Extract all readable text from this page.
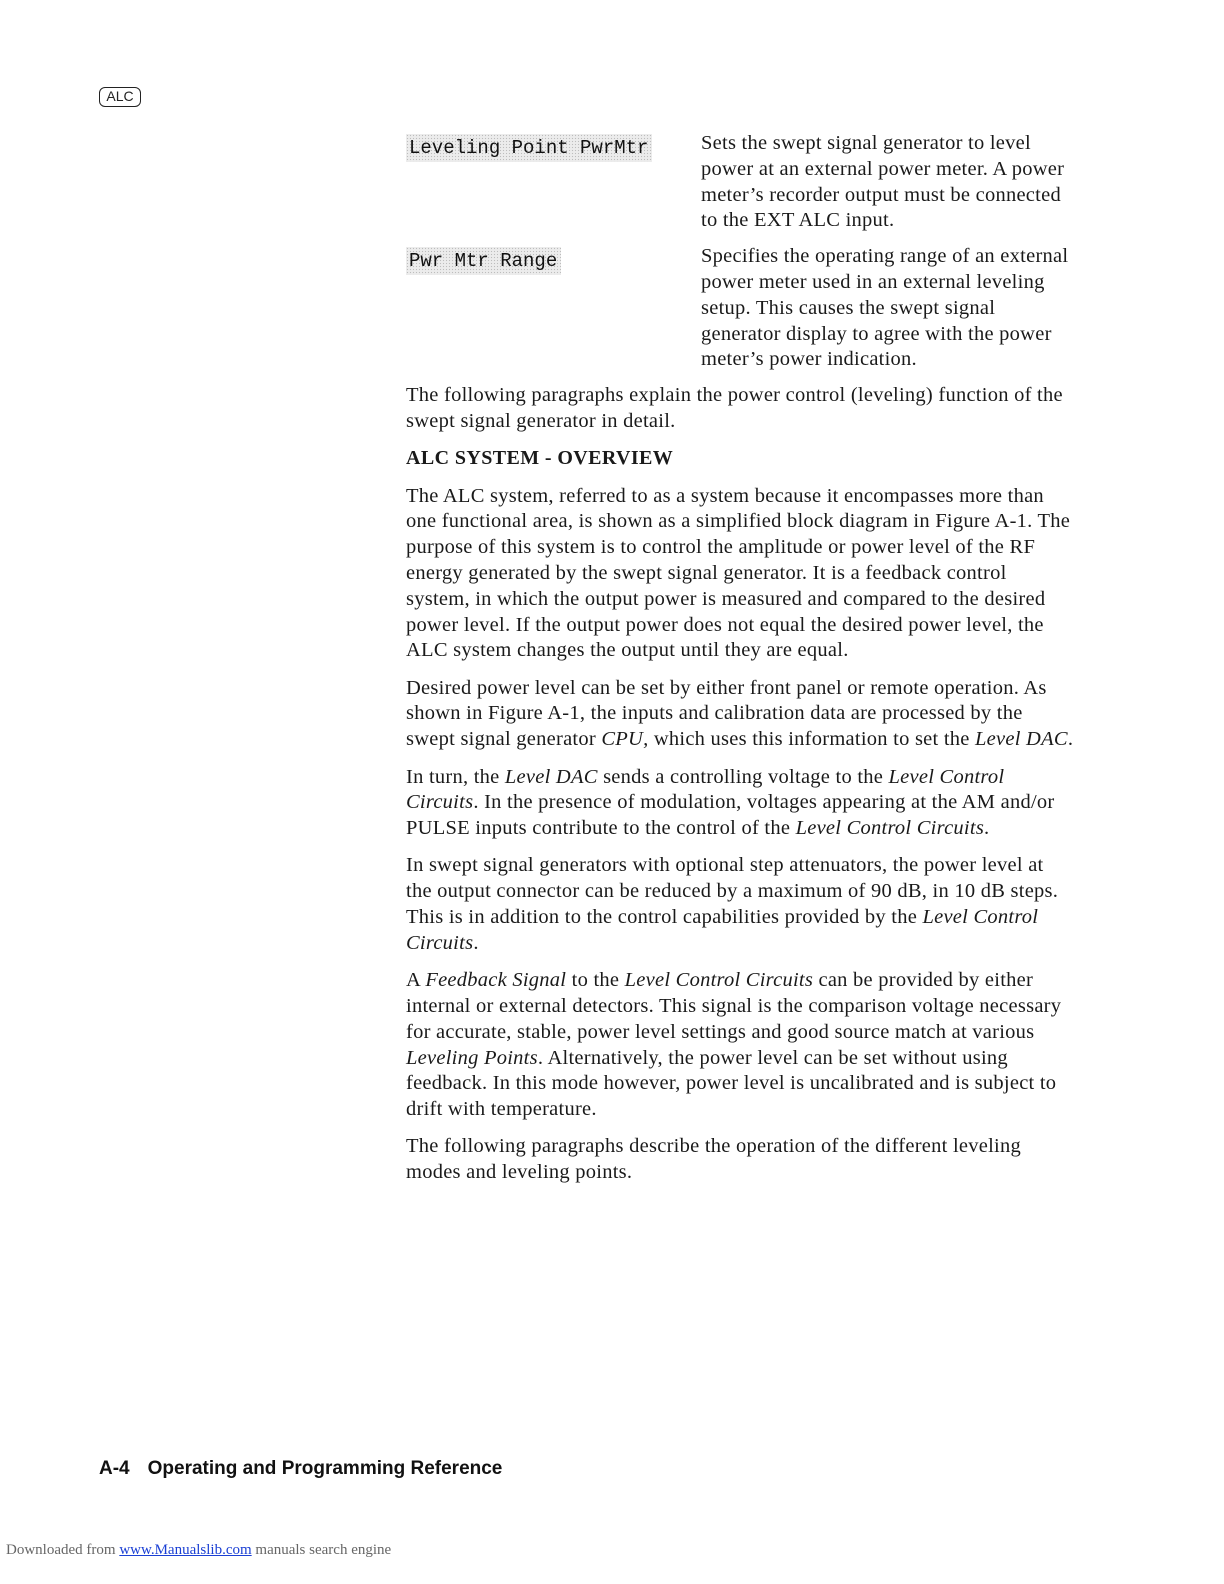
ALC
Leveling Point PwrMtr	Sets the swept signal generator to level power at an external power meter. A power meter’s recorder output must be connected to the EXT ALC input.
Pwr Mtr Range	Specifies the operating range of an external power meter used in an external leveling setup. This causes the swept signal generator display to agree with the power meter’s power indication.

The following paragraphs explain the power control (leveling) function of the swept signal generator in detail.

ALC SYSTEM - OVERVIEW

The ALC system, referred to as a system because it encompasses more than one functional area, is shown as a simplified block diagram in Figure A-1. The purpose of this system is to control the amplitude or power level of the RF energy generated by the swept signal generator. It is a feedback control system, in which the output power is measured and compared to the desired power level. If the output power does not equal the desired power level, the ALC system changes the output until they are equal.

Desired power level can be set by either front panel or remote operation. As shown in Figure A-1, the inputs and calibration data are processed by the swept signal generator CPU, which uses this information to set the Level DAC.

In turn, the Level DAC sends a controlling voltage to the Level Control Circuits. In the presence of modulation, voltages appearing at the AM and/or PULSE inputs contribute to the control of the Level Control Circuits.

In swept signal generators with optional step attenuators, the power level at the output connector can be reduced by a maximum of 90 dB, in 10 dB steps. This is in addition to the control capabilities provided by the Level Control Circuits.

A Feedback Signal to the Level Control Circuits can be provided by either internal or external detectors. This signal is the comparison voltage necessary for accurate, stable, power level settings and good source match at various Leveling Points. Alternatively, the power level can be set without using feedback. In this mode however, power level is uncalibrated and is subject to drift with temperature.

The following paragraphs describe the operation of the different leveling modes and leveling points.

A-4 Operating and Programming Reference
Downloaded from www.Manualslib.com manuals search engine
